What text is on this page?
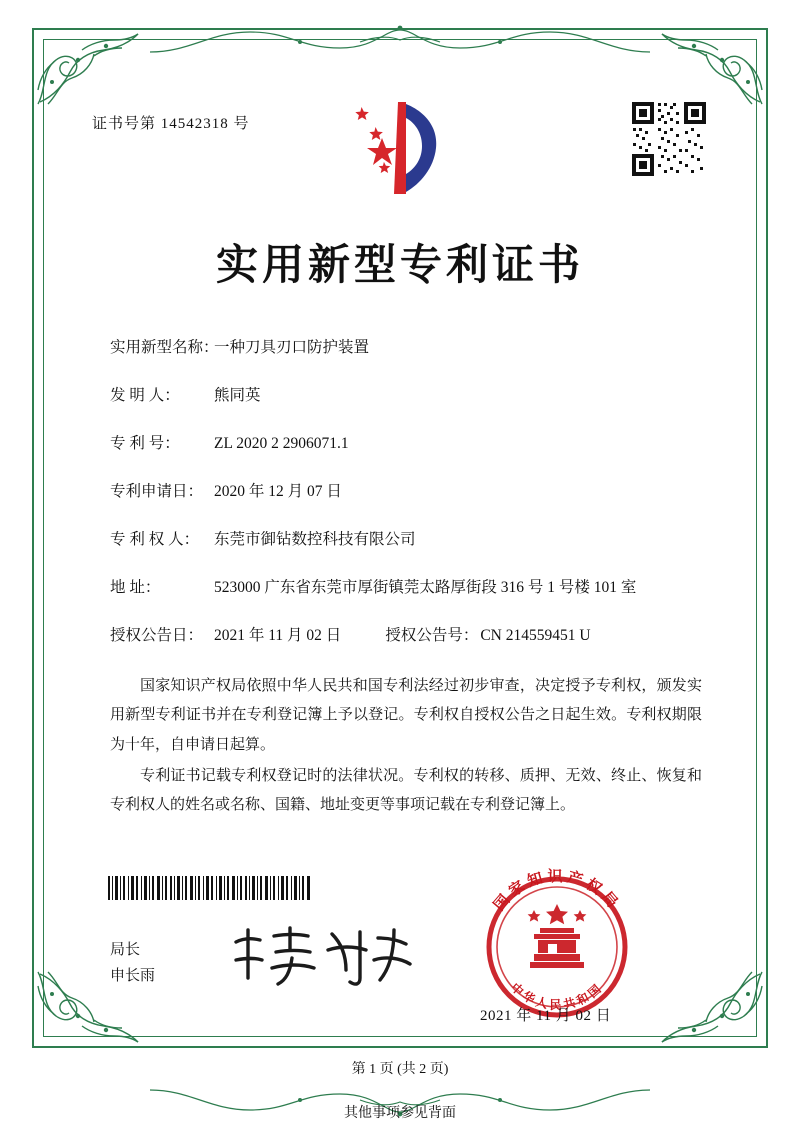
证书号第 14542318 号
实用新型专利证书
实用新型名称：
一种刀具刃口防护装置
发 明 人：	熊同英
专 利 号：	ZL 2020 2 2906071.1
专利申请日： 2020 年 12 月 07 日
专 利 权 人： 东莞市御钻数控科技有限公司
地 址：	523000 广东省东莞市厚街镇莞太路厚街段 316 号 1 号楼 101 室
授权公告日： 2021 年 11 月 02 日	授权公告号： CN 214559451 U

国家知识产权局依照中华人民共和国专利法经过初步审查，决定授予专利权，颁发实用新型专利证书并在专利登记簿上予以登记。专利权自授权公告之日起生效。专利权期限为十年，自申请日起算。

专利证书记载专利权登记时的法律状况。专利权的转移、质押、无效、终止、恢复和专利权人的姓名或名称、国籍、地址变更等事项记载在专利登记簿上。

局长
申长雨
国家知识产权局
中华人民共和国
2021 年 11 月 02 日
第 1 页 (共 2 页)
其他事项参见背面
